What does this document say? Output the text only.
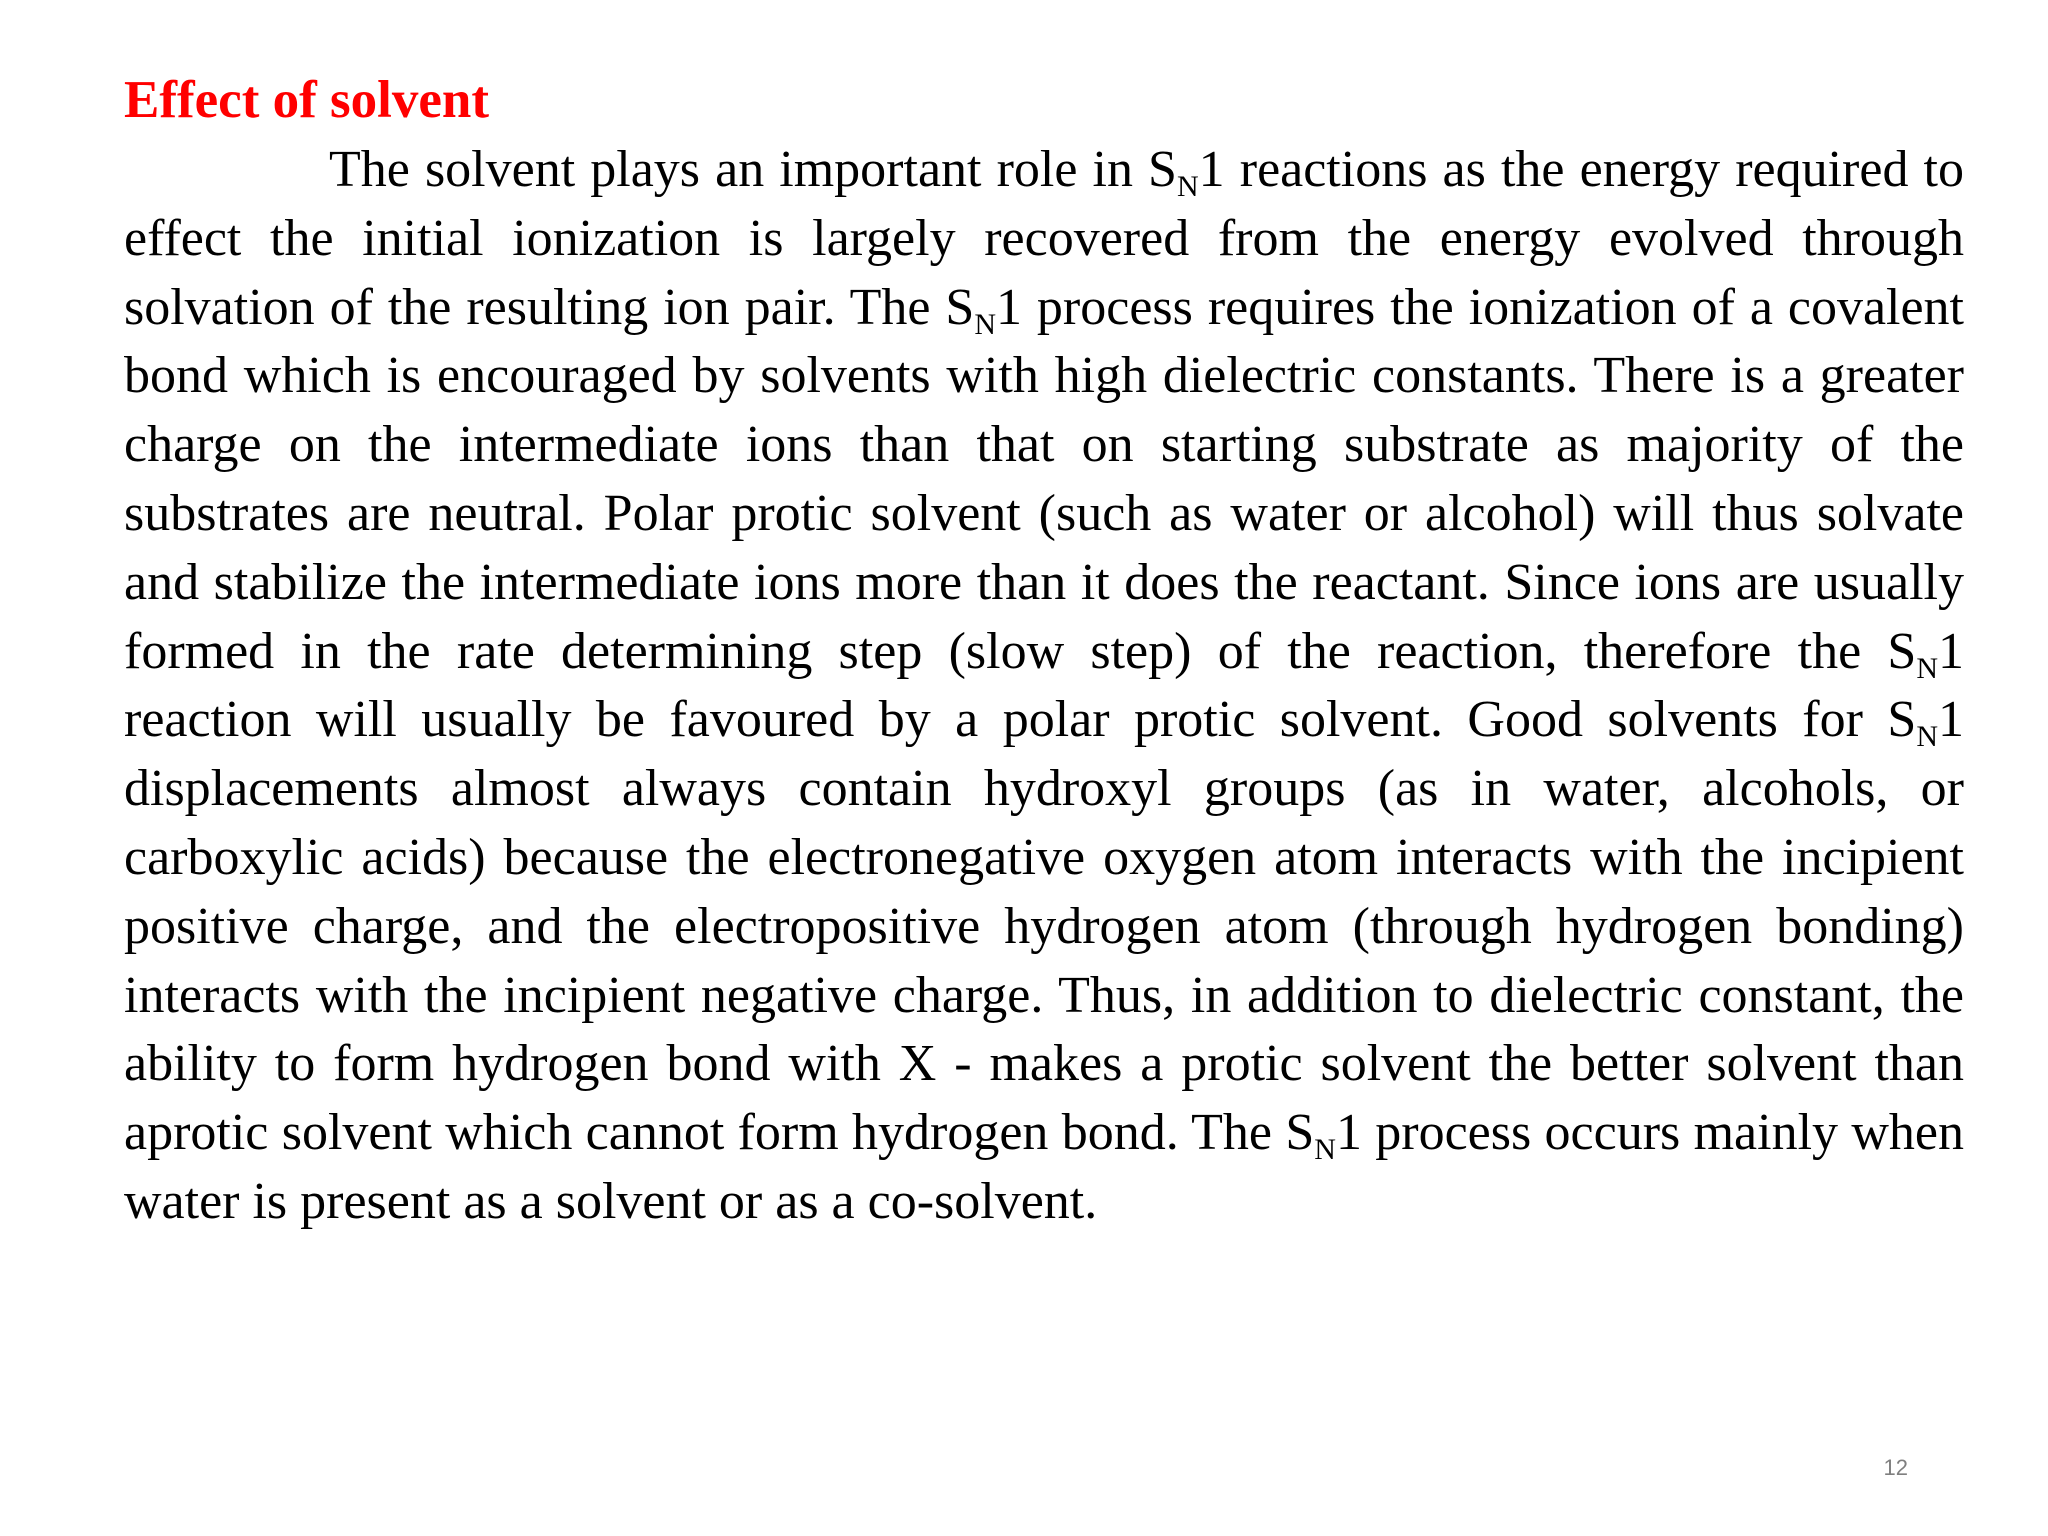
Effect of solvent

The solvent plays an important role in $S_N1$ reactions as the energy required to effect the initial ionization is largely recovered from the energy evolved through solvation of the resulting ion pair. The $S_N1$ process requires the ionization of a covalent bond which is encouraged by solvents with high dielectric constants. There is a greater charge on the intermediate ions than that on starting substrate as majority of the substrates are neutral. Polar protic solvent (such as water or alcohol) will thus solvate and stabilize the intermediate ions more than it does the reactant. Since ions are usually formed in the rate determining step (slow step) of the reaction, therefore the $S_N1$ reaction will usually be favoured by a polar protic solvent. Good solvents for $S_N1$ displacements almost always contain hydroxyl groups (as in water, alcohols, or carboxylic acids) because the electronegative oxygen atom interacts with the incipient positive charge, and the electropositive hydrogen atom (through hydrogen bonding) interacts with the incipient negative charge. Thus, in addition to dielectric constant, the ability to form hydrogen bond with X - makes a protic solvent the better solvent than aprotic solvent which cannot form hydrogen bond. The $S_N1$ process occurs mainly when water is present as a solvent or as a co-solvent.

12
